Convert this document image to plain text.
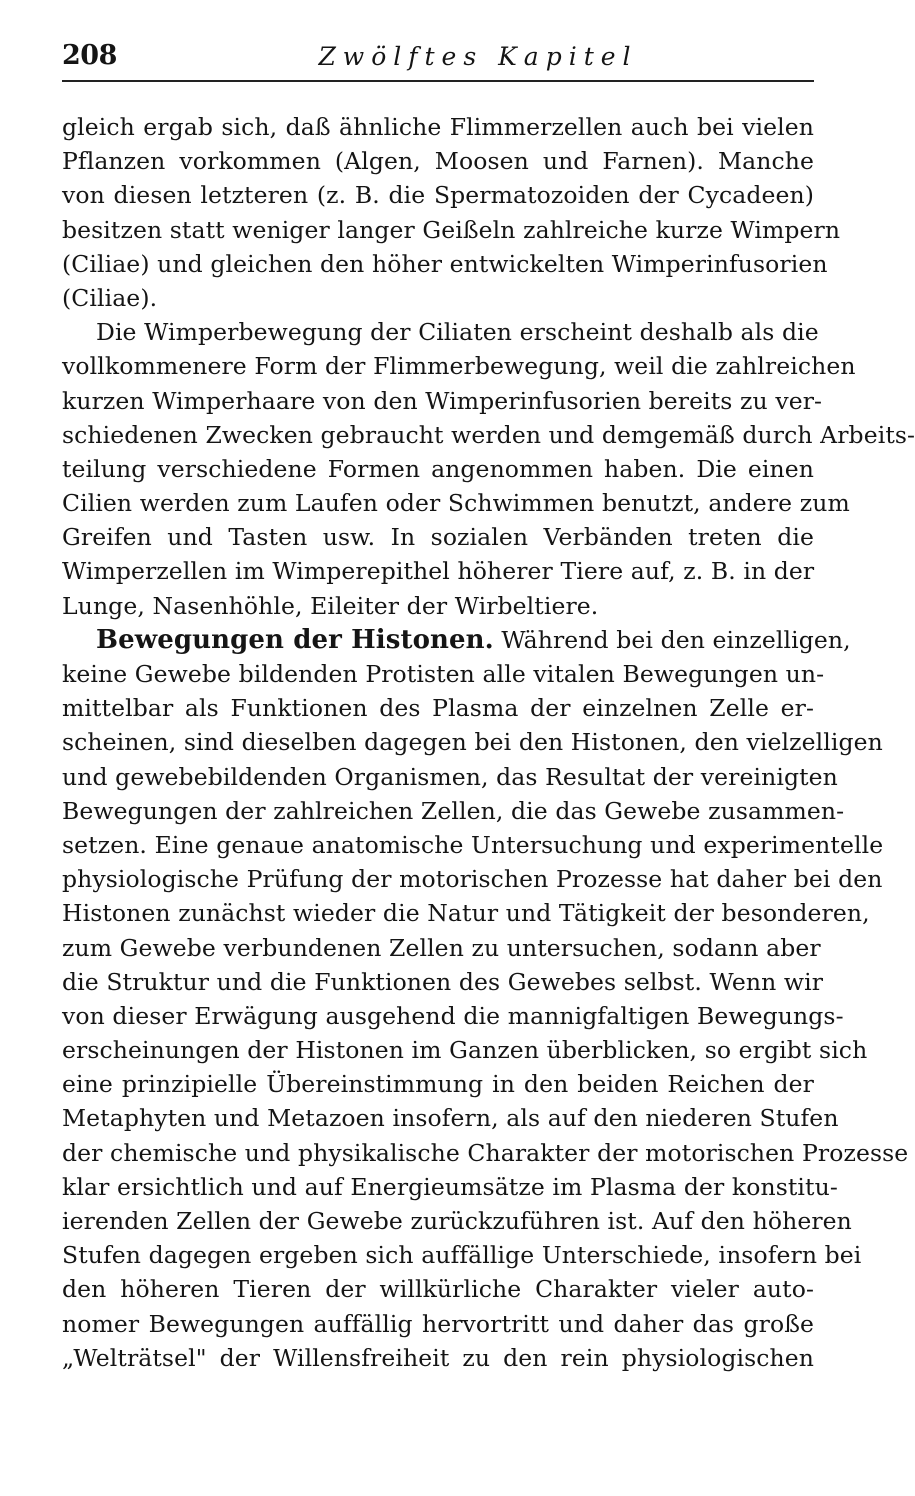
208	Zwölftes Kapitel
gleich ergab sich, daß ähnliche Flimmerzellen auch bei vielen
Pflanzen vorkommen (Algen, Moosen und Farnen). Manche
von diesen letzteren (z. B. die Spermatozoiden der Cycadeen)
besitzen statt weniger langer Geißeln zahlreiche kurze Wimpern
(Ciliae) und gleichen den höher entwickelten Wimperinfusorien
(Ciliae).
Die Wimperbewegung der Ciliaten erscheint deshalb als die
vollkommenere Form der Flimmerbewegung, weil die zahlreichen
kurzen Wimperhaare von den Wimperinfusorien bereits zu ver-
schiedenen Zwecken gebraucht werden und demgemäß durch Arbeits-
teilung verschiedene Formen angenommen haben. Die einen
Cilien werden zum Laufen oder Schwimmen benutzt, andere zum
Greifen und Tasten usw. In sozialen Verbänden treten die
Wimperzellen im Wimperepithel höherer Tiere auf, z. B. in der
Lunge, Nasenhöhle, Eileiter der Wirbeltiere.
Bewegungen der Histonen. Während bei den einzelligen,
keine Gewebe bildenden Protisten alle vitalen Bewegungen un-
mittelbar als Funktionen des Plasma der einzelnen Zelle er-
scheinen, sind dieselben dagegen bei den Histonen, den vielzelligen
und gewebebildenden Organismen, das Resultat der vereinigten
Bewegungen der zahlreichen Zellen, die das Gewebe zusammen-
setzen. Eine genaue anatomische Untersuchung und experimentelle
physiologische Prüfung der motorischen Prozesse hat daher bei den
Histonen zunächst wieder die Natur und Tätigkeit der besonderen,
zum Gewebe verbundenen Zellen zu untersuchen, sodann aber
die Struktur und die Funktionen des Gewebes selbst. Wenn wir
von dieser Erwägung ausgehend die mannigfaltigen Bewegungs-
erscheinungen der Histonen im Ganzen überblicken, so ergibt sich
eine prinzipielle Übereinstimmung in den beiden Reichen der
Metaphyten und Metazoen insofern, als auf den niederen Stufen
der chemische und physikalische Charakter der motorischen Prozesse
klar ersichtlich und auf Energieumsätze im Plasma der konstitu-
ierenden Zellen der Gewebe zurückzuführen ist. Auf den höheren
Stufen dagegen ergeben sich auffällige Unterschiede, insofern bei
den höheren Tieren der willkürliche Charakter vieler auto-
nomer Bewegungen auffällig hervortritt und daher das große
„Welträtsel" der Willensfreiheit zu den rein physiologischen
